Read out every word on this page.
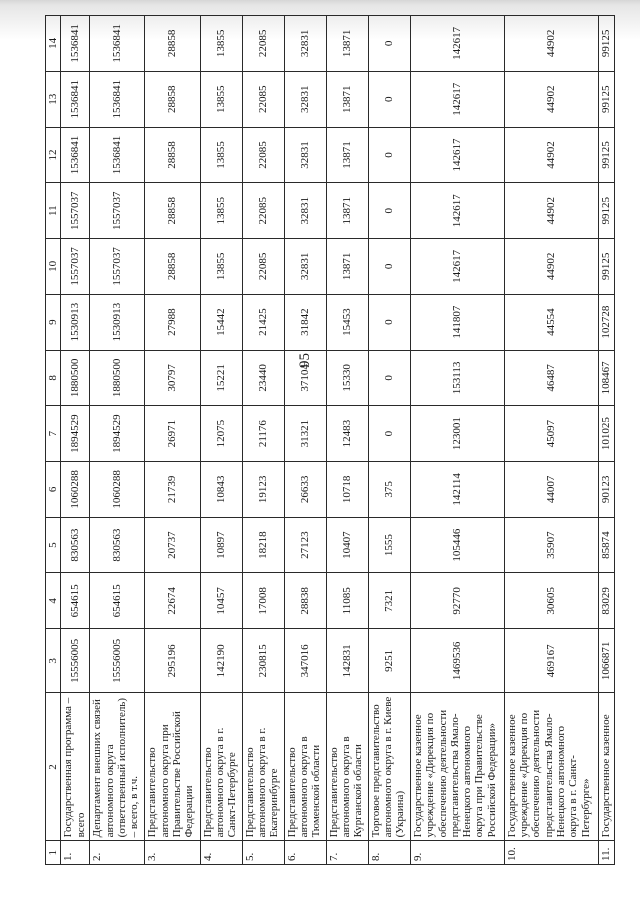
95
1	2	3	4	5	6	7	8	9	10	11	12	13	14
1.	Государственная программа – всего	15556005	654615	830563	1060288	1894529	1880500	1530913	1557037	1557037	1536841	1536841	1536841
2.	Департамент внешних связей автономного округа (ответственный исполнитель) – всего, в т.ч.	15556005	654615	830563	1060288	1894529	1880500	1530913	1557037	1557037	1536841	1536841	1536841
3.	Представительство автономного округа при Правительстве Российской Федерации	295196	22674	20737	21739	26971	30797	27988	28858	28858	28858	28858	28858
4.	Представительство автономного округа в г. Санкт-Петербурге	142190	10457	10897	10843	12075	15221	15442	13855	13855	13855	13855	13855
5.	Представительство автономного округа в г. Екатеринбурге	230815	17008	18218	19123	21176	23440	21425	22085	22085	22085	22085	22085
6.	Представительство автономного округа в Тюменской области	347016	28838	27123	26633	31321	37104	31842	32831	32831	32831	32831	32831
7.	Представительство автономного округа в Курганской области	142831	11085	10407	10718	12483	15330	15453	13871	13871	13871	13871	13871
8.	Торговое представительство автономного округа в г. Киеве (Украина)	9251	7321	1555	375	0	0	0	0	0	0	0	0
9.	Государственное казенное учреждение «Дирекция по обеспечению деятельности представительства Ямало-Ненецкого автономного округа при Правительстве Российской Федерации»	1469536	92770	105446	142114	123001	153113	141807	142617	142617	142617	142617	142617
10.	Государственное казенное учреждение «Дирекция по обеспечению деятельности представительства Ямало-Ненецкого автономного округа в г. Санкт-Петербурге»	469167	30605	35907	44007	45097	46487	44554	44902	44902	44902	44902	44902
11.	Государственное казенное	1066871	83029	85874	90123	101025	108467	102728	99125	99125	99125	99125	99125
